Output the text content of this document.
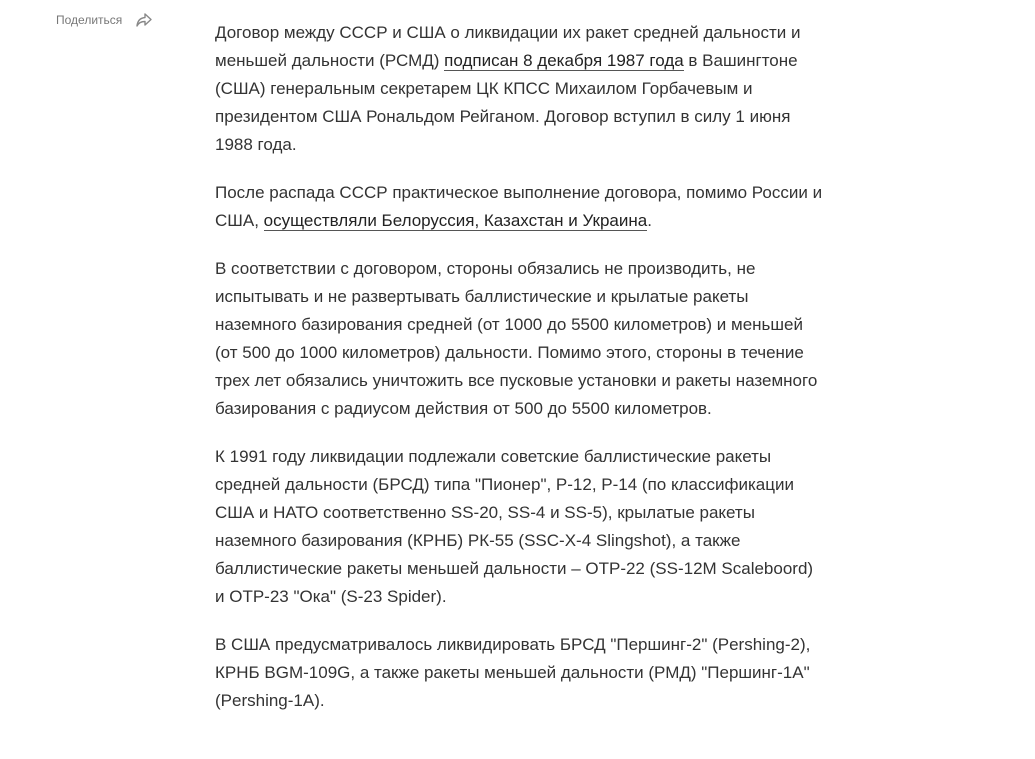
Поделиться

Договор между СССР и США о ликвидации их ракет средней дальности и меньшей дальности (РСМД) подписан 8 декабря 1987 года в Вашингтоне (США) генеральным секретарем ЦК КПСС Михаилом Горбачевым и президентом США Рональдом Рейганом. Договор вступил в силу 1 июня 1988 года.

После распада СССР практическое выполнение договора, помимо России и США, осуществляли Белоруссия, Казахстан и Украина.

В соответствии с договором, стороны обязались не производить, не испытывать и не развертывать баллистические и крылатые ракеты наземного базирования средней (от 1000 до 5500 километров) и меньшей (от 500 до 1000 километров) дальности. Помимо этого, стороны в течение трех лет обязались уничтожить все пусковые установки и ракеты наземного базирования с радиусом действия от 500 до 5500 километров.

К 1991 году ликвидации подлежали советские баллистические ракеты средней дальности (БРСД) типа "Пионер", Р-12, Р-14 (по классификации США и НАТО соответственно SS-20, SS-4 и SS-5), крылатые ракеты наземного базирования (КРНБ) РК-55 (SSC-X-4 Slingshot), а также баллистические ракеты меньшей дальности – ОТР-22 (SS-12M Scaleboord) и ОТР-23 "Ока" (S-23 Spider).

В США предусматривалось ликвидировать БРСД "Першинг-2" (Pershing-2), КРНБ BGM-109G, а также ракеты меньшей дальности (РМД) "Першинг-1А" (Pershing-1A).
